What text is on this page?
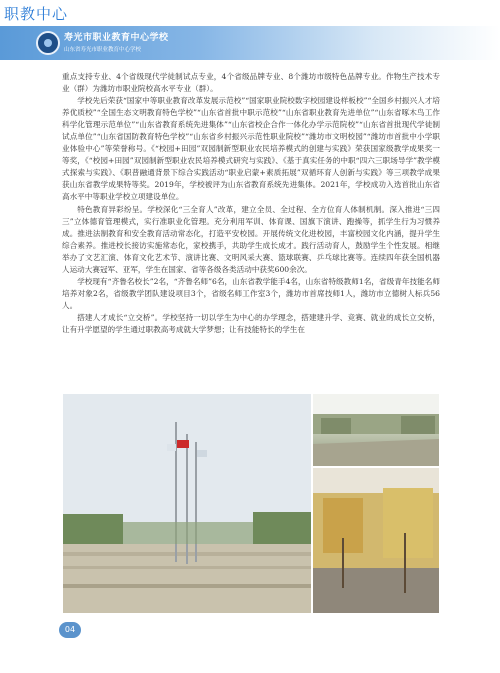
职教中心
寿光市职业教育中心学校
山东省寿光市职业教育中心学校

重点支持专业、4个省级现代学徒制试点专业，4个省级品牌专业、8个潍坊市级特色品牌专业。作物生产技术专业（群）为潍坊市职业院校高水平专业（群）。

学校先后荣获“国家中等职业教育改革发展示范校”“国家职业院校数字校园建设样板校”“全国乡村振兴人才培养优质校”“全国生态文明教育特色学校”“山东省首批中职示范校”“山东省职业教育先进单位”“山东省啄木鸟工作科学化管理示范单位”“山东省教育系统先进集体”“山东省校企合作一体化办学示范院校”“山东省首批现代学徒制试点单位”“山东省国防教育特色学校”“山东省乡村振兴示范性职业院校”“潍坊市文明校园”“潍坊市首批中小学职业体验中心”等荣誉称号。《“校园+田园”双园制新型职业农民培养模式的创建与实践》荣获国家级教学成果奖一等奖，《“校园+田园”双园制新型职业农民培养模式研究与实践》、《基于真实任务的中职“四六三职场导学”教学模式探索与实践》、《职普融通背景下综合实践活动“职业启蒙+素质拓展”双循环育人创新与实践》等三项教学成果获山东省教学成果特等奖。2019年，学校被评为山东省教育系统先进集体。2021年，学校成功入选首批山东省高水平中等职业学校立项建设单位。

特色教育异彩纷呈。学校深化“三全育人”改革，建立全员、全过程、全方位育人体制机制。深入推进“三四三”立体德育管理模式，实行准职业化管理。充分利用军训、体育课、国旗下演讲、跑操等，抓学生行为习惯养成。推进法制教育和安全教育活动常态化，打造平安校园。开展传统文化进校园，丰富校园文化内涵，提升学生综合素养。推进校长接访实施常态化，家校携手，共助学生成长成才。践行活动育人，鼓励学生个性发展。相继举办了文艺汇演、体育文化艺术节、演讲比赛、文明风采大赛、篮球联赛、乒乓球比赛等。连续四年获全国机器人运动大赛冠军、亚军，学生在国家、省等各级各类活动中获奖600余次。

学校现有“齐鲁名校长”2名，“齐鲁名师”6名，山东省教学能手4名，山东省特级教师1名，省级青年技能名师培养对象2名，省级教学团队建设项目3个，省级名师工作室3个，潍坊市首席技师1人，潍坊市立德树人标兵56人。

搭建人才成长“立交桥”。学校坚持一切以学生为中心的办学理念，搭建建升学、竞赛、就业的成长立交桥，让有升学愿望的学生通过职教高考成就大学梦想；让有技能特长的学生在

04
